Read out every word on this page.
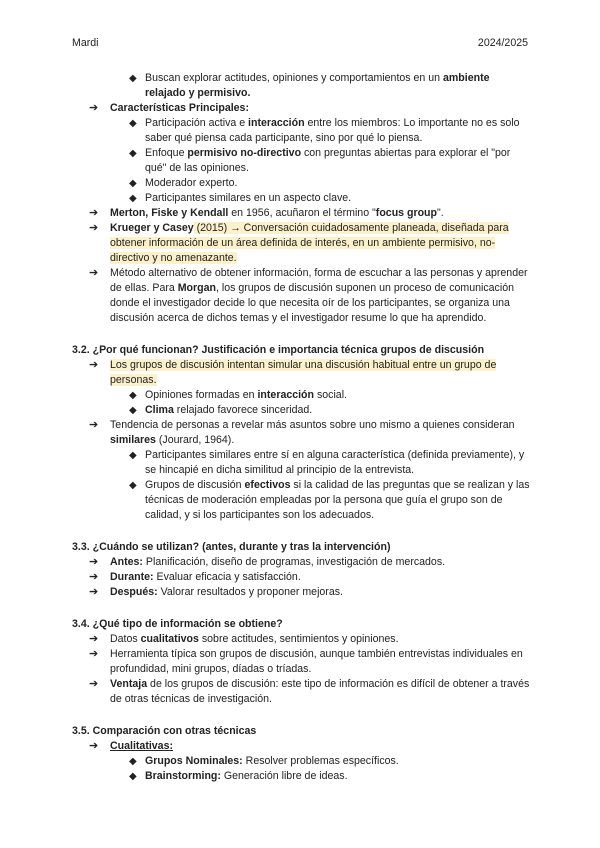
Mardi	2024/2025
◆ Buscan explorar actitudes, opiniones y comportamientos en un ambiente relajado y permisivo.
➔ Características Principales:
◆ Participación activa e interacción entre los miembros: Lo importante no es solo saber qué piensa cada participante, sino por qué lo piensa.
◆ Enfoque permisivo no-directivo con preguntas abiertas para explorar el "por qué" de las opiniones.
◆ Moderador experto.
◆ Participantes similares en un aspecto clave.
➔ Merton, Fiske y Kendall en 1956, acuñaron el término "focus group".
➔ Krueger y Casey (2015) → Conversación cuidadosamente planeada, diseñada para obtener información de un área definida de interés, en un ambiente permisivo, no-directivo y no amenazante.
➔ Método alternativo de obtener información, forma de escuchar a las personas y aprender de ellas. Para Morgan, los grupos de discusión suponen un proceso de comunicación donde el investigador decide lo que necesita oír de los participantes, se organiza una discusión acerca de dichos temas y el investigador resume lo que ha aprendido.
3.2. ¿Por qué funcionan? Justificación e importancia técnica grupos de discusión
➔ Los grupos de discusión intentan simular una discusión habitual entre un grupo de personas.
◆ Opiniones formadas en interacción social.
◆ Clima relajado favorece sinceridad.
➔ Tendencia de personas a revelar más asuntos sobre uno mismo a quienes consideran similares (Jourard, 1964).
◆ Participantes similares entre sí en alguna característica (definida previamente), y se hincapié en dicha similitud al principio de la entrevista.
◆ Grupos de discusión efectivos si la calidad de las preguntas que se realizan y las técnicas de moderación empleadas por la persona que guía el grupo son de calidad, y si los participantes son los adecuados.
3.3. ¿Cuándo se utilizan? (antes, durante y tras la intervención)
➔ Antes: Planificación, diseño de programas, investigación de mercados.
➔ Durante: Evaluar eficacia y satisfacción.
➔ Después: Valorar resultados y proponer mejoras.
3.4. ¿Qué tipo de información se obtiene?
➔ Datos cualitativos sobre actitudes, sentimientos y opiniones.
➔ Herramienta típica son grupos de discusión, aunque también entrevistas individuales en profundidad, mini grupos, díadas o tríadas.
➔ Ventaja de los grupos de discusión: este tipo de información es difícil de obtener a través de otras técnicas de investigación.
3.5. Comparación con otras técnicas
➔ Cualitativas:
◆ Grupos Nominales: Resolver problemas específicos.
◆ Brainstorming: Generación libre de ideas.
